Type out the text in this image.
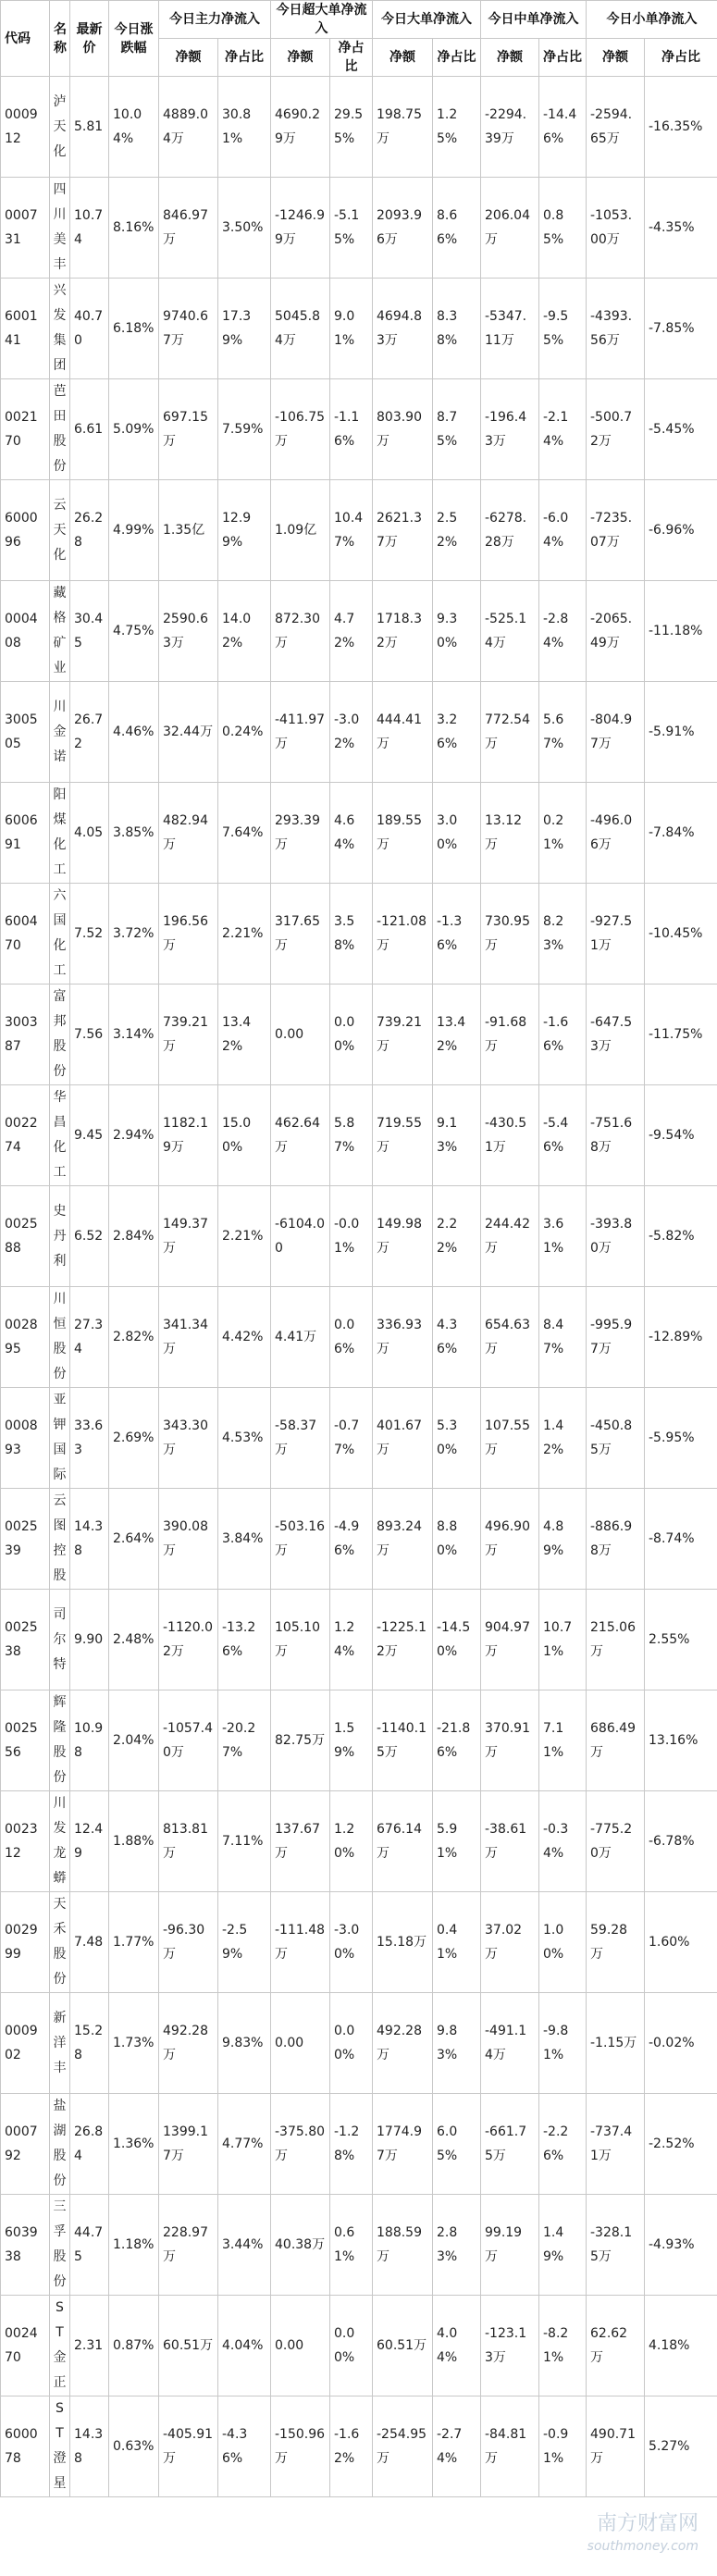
代码	名称	最新价	今日涨跌幅	今日主力净流入		今日超大单净流入		今日大单净流入		今日中单净流入		今日小单净流入	
				净额	净占比	净额	净占比	净额	净占比	净额	净占比	净额	净占比
000912	泸天化	5.81	10.04%	4889.04万	30.81%	4690.29万	29.55%	198.75万	1.25%	-2294.39万	-14.46%	-2594.65万	-16.35%
000731	四川美丰	10.74	8.16%	846.97万	3.50%	-1246.99万	-5.15%	2093.96万	8.66%	206.04万	0.85%	-1053.00万	-4.35%
600141	兴发集团	40.70	6.18%	9740.67万	17.39%	5045.84万	9.01%	4694.83万	8.38%	-5347.11万	-9.55%	-4393.56万	-7.85%
002170	芭田股份	6.61	5.09%	697.15万	7.59%	-106.75万	-1.16%	803.90万	8.75%	-196.43万	-2.14%	-500.72万	-5.45%
600096	云天化	26.28	4.99%	1.35亿	12.99%	1.09亿	10.47%	2621.37万	2.52%	-6278.28万	-6.04%	-7235.07万	-6.96%
000408	藏格矿业	30.45	4.75%	2590.63万	14.02%	872.30万	4.72%	1718.32万	9.30%	-525.14万	-2.84%	-2065.49万	-11.18%
300505	川金诺	26.72	4.46%	32.44万	0.24%	-411.97万	-3.02%	444.41万	3.26%	772.54万	5.67%	-804.97万	-5.91%
600691	阳煤化工	4.05	3.85%	482.94万	7.64%	293.39万	4.64%	189.55万	3.00%	13.12万	0.21%	-496.06万	-7.84%
600470	六国化工	7.52	3.72%	196.56万	2.21%	317.65万	3.58%	-121.08万	-1.36%	730.95万	8.23%	-927.51万	-10.45%
300387	富邦股份	7.56	3.14%	739.21万	13.42%	0.00	0.00%	739.21万	13.42%	-91.68万	-1.66%	-647.53万	-11.75%
002274	华昌化工	9.45	2.94%	1182.19万	15.00%	462.64万	5.87%	719.55万	9.13%	-430.51万	-5.46%	-751.68万	-9.54%
002588	史丹利	6.52	2.84%	149.37万	2.21%	-6104.00	-0.01%	149.98万	2.22%	244.42万	3.61%	-393.80万	-5.82%
002895	川恒股份	27.34	2.82%	341.34万	4.42%	4.41万	0.06%	336.93万	4.36%	654.63万	8.47%	-995.97万	-12.89%
000893	亚钾国际	33.63	2.69%	343.30万	4.53%	-58.37万	-0.77%	401.67万	5.30%	107.55万	1.42%	-450.85万	-5.95%
002539	云图控股	14.38	2.64%	390.08万	3.84%	-503.16万	-4.96%	893.24万	8.80%	496.90万	4.89%	-886.98万	-8.74%
002538	司尔特	9.90	2.48%	-1120.02万	-13.26%	105.10万	1.24%	-1225.12万	-14.50%	904.97万	10.71%	215.06万	2.55%
002556	辉隆股份	10.98	2.04%	-1057.40万	-20.27%	82.75万	1.59%	-1140.15万	-21.86%	370.91万	7.11%	686.49万	13.16%
002312	川发龙蟒	12.49	1.88%	813.81万	7.11%	137.67万	1.20%	676.14万	5.91%	-38.61万	-0.34%	-775.20万	-6.78%
002999	天禾股份	7.48	1.77%	-96.30万	-2.59%	-111.48万	-3.00%	15.18万	0.41%	37.02万	1.00%	59.28万	1.60%
000902	新洋丰	15.28	1.73%	492.28万	9.83%	0.00	0.00%	492.28万	9.83%	-491.14万	-9.81%	-1.15万	-0.02%
000792	盐湖股份	26.84	1.36%	1399.17万	4.77%	-375.80万	-1.28%	1774.97万	6.05%	-661.75万	-2.26%	-737.41万	-2.52%
603938	三孚股份	44.75	1.18%	228.97万	3.44%	40.38万	0.61%	188.59万	2.83%	99.19万	1.49%	-328.15万	-4.93%
002470	ST金正	2.31	0.87%	60.51万	4.04%	0.00	0.00%	60.51万	4.04%	-123.13万	-8.21%	62.62万	4.18%
600078	ST澄星	14.38	0.63%	-405.91万	-4.36%	-150.96万	-1.62%	-254.95万	-2.74%	-84.81万	-0.91%	490.71万	5.27%
南方财富网
southmoney.com
